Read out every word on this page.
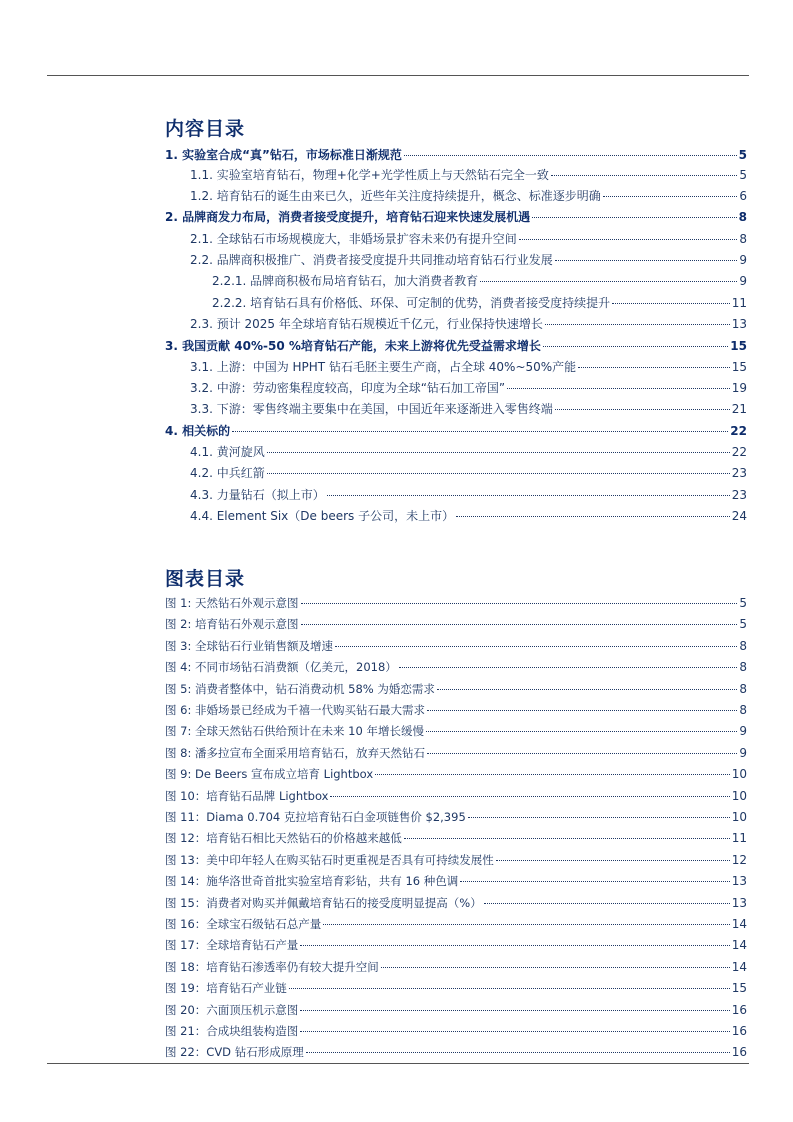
内容目录
1. 实验室合成“真”钻石，市场标准日渐规范	5
1.1. 实验室培育钻石，物理+化学+光学性质上与天然钻石完全一致	5
1.2. 培育钻石的诞生由来已久，近些年关注度持续提升，概念、标准逐步明确	6
2. 品牌商发力布局，消费者接受度提升，培育钻石迎来快速发展机遇	8
2.1. 全球钻石市场规模庞大，非婚场景扩容未来仍有提升空间	8
2.2. 品牌商积极推广、消费者接受度提升共同推动培育钻石行业发展	9
2.2.1. 品牌商积极布局培育钻石，加大消费者教育	9
2.2.2. 培育钻石具有价格低、环保、可定制的优势，消费者接受度持续提升	11
2.3. 预计 2025 年全球培育钻石规模近千亿元，行业保持快速增长	13
3. 我国贡献 40%-50 %培育钻石产能，未来上游将优先受益需求增长	15
3.1. 上游：中国为 HPHT 钻石毛胚主要生产商，占全球 40%~50%产能	15
3.2. 中游：劳动密集程度较高，印度为全球“钻石加工帝国”	19
3.3. 下游：零售终端主要集中在美国，中国近年来逐渐进入零售终端	21
4. 相关标的	22
4.1. 黄河旋风	22
4.2. 中兵红箭	23
4.3. 力量钻石（拟上市）	23
4.4. Element Six（De beers 子公司，未上市）	24
图表目录
图 1: 天然钻石外观示意图	5
图 2: 培育钻石外观示意图	5
图 3: 全球钻石行业销售额及增速	8
图 4: 不同市场钻石消费额（亿美元，2018）	8
图 5: 消费者整体中，钻石消费动机 58% 为婚恋需求	8
图 6: 非婚场景已经成为千禧一代购买钻石最大需求	8
图 7: 全球天然钻石供给预计在未来 10 年增长缓慢	9
图 8: 潘多拉宣布全面采用培育钻石，放弃天然钻石	9
图 9: De Beers 宣布成立培育 Lightbox	10
图 10：培育钻石品牌 Lightbox	10
图 11：Diama 0.704 克拉培育钻石白金项链售价 $2,395	10
图 12：培育钻石相比天然钻石的价格越来越低	11
图 13：美中印年轻人在购买钻石时更重视是否具有可持续发展性	12
图 14：施华洛世奇首批实验室培育彩钻，共有 16 种色调	13
图 15：消费者对购买并佩戴培育钻石的接受度明显提高（%）	13
图 16：全球宝石级钻石总产量	14
图 17：全球培育钻石产量	14
图 18：培育钻石渗透率仍有较大提升空间	14
图 19：培育钻石产业链	15
图 20：六面顶压机示意图	16
图 21：合成块组装构造图	16
图 22：CVD 钻石形成原理	16
